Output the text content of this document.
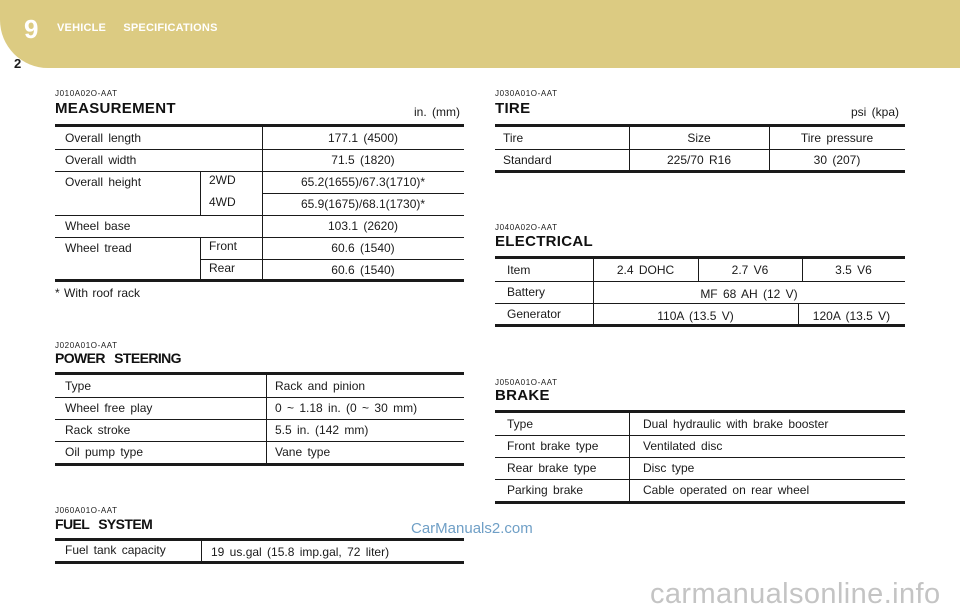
9 VEHICLE SPECIFICATIONS
2
J010A02O-AAT
MEASUREMENT	in. (mm)
Overall length	177.1 (4500)
Overall width	71.5 (1820)
Overall height	2WD	65.2(1655)/67.3(1710)*
4WD	65.9(1675)/68.1(1730)*
Wheel base	103.1 (2620)
Wheel tread	Front	60.6 (1540)
Rear	60.6 (1540)
* With roof rack
J020A01O-AAT
POWER STEERING
Type	Rack and pinion
Wheel free play	0 ~ 1.18 in. (0 ~ 30 mm)
Rack stroke	5.5 in. (142 mm)
Oil pump type	Vane type
J060A01O-AAT
FUEL SYSTEM
Fuel tank capacity	19 us.gal (15.8 imp.gal, 72 liter)
J030A01O-AAT
TIRE	psi (kpa)
Tire	Size	Tire pressure
Standard	225/70 R16	30 (207)
J040A02O-AAT
ELECTRICAL
Item	2.4 DOHC	2.7 V6	3.5 V6
Battery	MF 68 AH (12 V)
Generator	110A (13.5 V)	120A (13.5 V)
J050A01O-AAT
BRAKE
Type	Dual hydraulic with brake booster
Front brake type	Ventilated disc
Rear brake type	Disc type
Parking brake	Cable operated on rear wheel
CarManuals2.com
carmanualsonline.info
